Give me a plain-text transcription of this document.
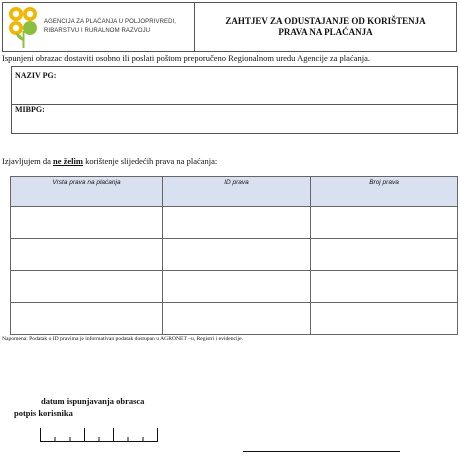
AGENCIJA ZA PLAĆANJA U POLJOPRIVREDI,
RIBARSTVU I RURALNOM RAZVOJU
ZAHTJEV ZA ODUSTAJANJE OD KORIŠTENJA PRAVA NA PLAĆANJA
Ispunjeni obrazac dostaviti osobno ili poslati poštom preporučeno Regionalnom uredu Agencije za plaćanja.
NAZIV PG:
MIBPG:
Izjavljujem da ne želim korištenje slijedećih prava na plaćanja:
Vrsta prava na plaćanja	ID prava	Broj prava

Napomena: Podatak o ID pravima je informativan podatak dostupan u AGRONET –u, Registri i evidencije.
datum ispunjavanja obrasca
potpis korisnika
